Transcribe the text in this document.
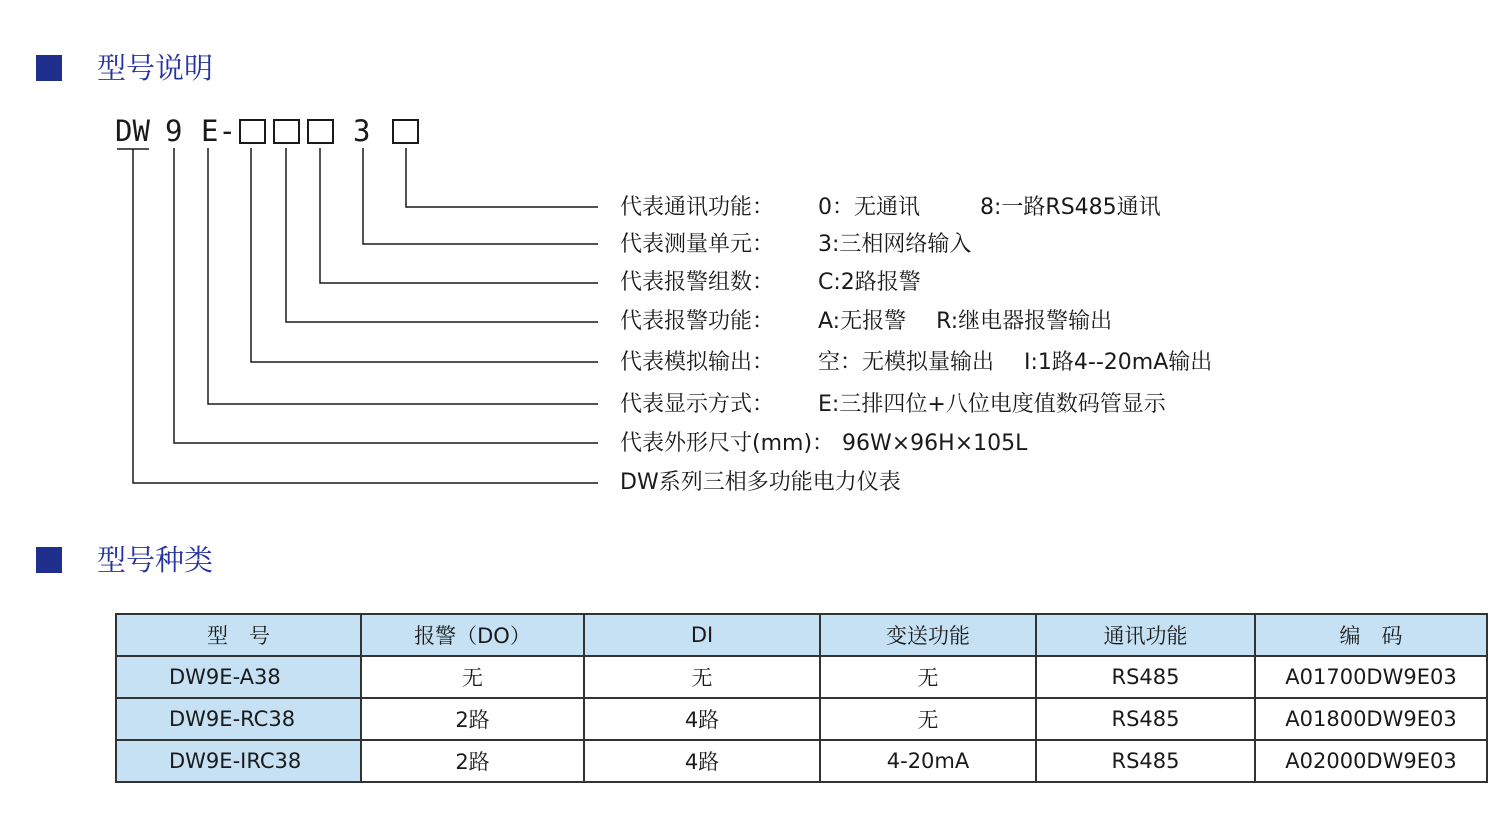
型号说明
DW 9 E-	3
代表通讯功能： 0：无通讯	8:一路RS485通讯
代表测量单元： 3:三相网络输入
代表报警组数： C:2路报警
代表报警功能： A:无报警 R:继电器报警输出
代表模拟输出： 空：无模拟量输出 I:1路4--20mA输出
代表显示方式： E:三排四位+八位电度值数码管显示
代表外形尺寸(mm)： 96W×96H×105L
DW系列三相多功能电力仪表
型号种类
型　号	报警（DO）	DI	变送功能	通讯功能	编　码
DW9E-A38	无	无	无	RS485	A01700DW9E03
DW9E-RC38	2路	4路	无	RS485	A01800DW9E03
DW9E-IRC38	2路	4路	4-20mA	RS485	A02000DW9E03
